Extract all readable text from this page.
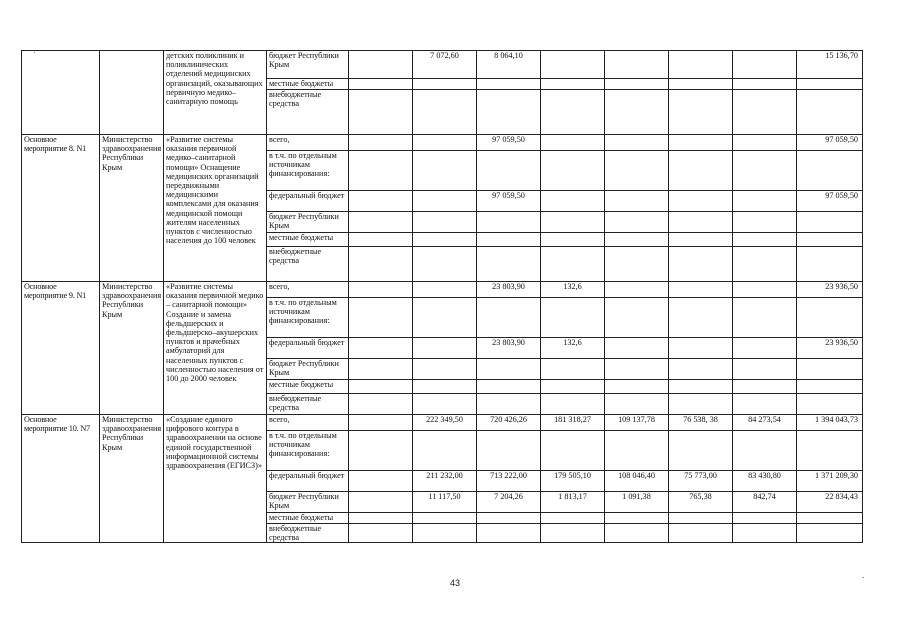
		детских поликлиник и поликлинических отделений медицинских организаций, оказывающих первичную медико–санитарную помощь	бюджет Республики Крым		7 072,60	8 064,10					15 136,70
			местные бюджеты								
			внебюджетные средства								
Основное мероприятие 8. N1	Министерство здравоохранения Республики Крым	«Развитие системы оказания первичной медико–санитарной помощи» Оснащение медицинских организаций передвижными медицинскими комплексами для оказания медицинской помощи жителям населенных пунктов с численностью населения до 100 человек	всего,			97 059,50					97 059,50
			в т.ч. по отдельным источникам финансирования:								
			федеральный бюджет			97 059,50					97 059,50
			бюджет Республики Крым								
			местные бюджеты								
			внебюджетные средства								
Основное мероприятие 9. N1	Министерство здравоохранения Республики Крым	«Развитие системы оказания первичной медико – санитарной помощи» Создание и замена фельдшерских и фельдшерско–акушерских пунктов и врачебных амбулаторий для населенных пунктов с численностью населения от 100 до 2000 человек	всего,			23 803,90	132,6				23 936,50
			в т.ч. по отдельным источникам финансирования:								
			федеральный бюджет			23 803,90	132,6				23 936,50
			бюджет Республики Крым								
			местные бюджеты								
			внебюджетные средства								
Основное мероприятие 10. N7	Министерство здравоохранения Республики Крым	«Создание единого цифрового контура в здравоохранении на основе единой государственной информационной системы здравоохранения (ЕГИСЗ)»	всего,		222 349,50	720 426,26	181 318,27	109 137,78	76 538, 38	84 273,54	1 394 043,73
			в т.ч. по отдельным источникам финансирования:								
			федеральный бюджет		211 232,00	713 222,00	179 505,10	108 046,40	75 773,00	83 430,80	1 371 209,30
			бюджет Республики Крым		11 117,50	7 204,26	1 813,17	1 091,38	765,38	842,74	22 834,43
			местные бюджеты								
			внебюджетные средства								
43
